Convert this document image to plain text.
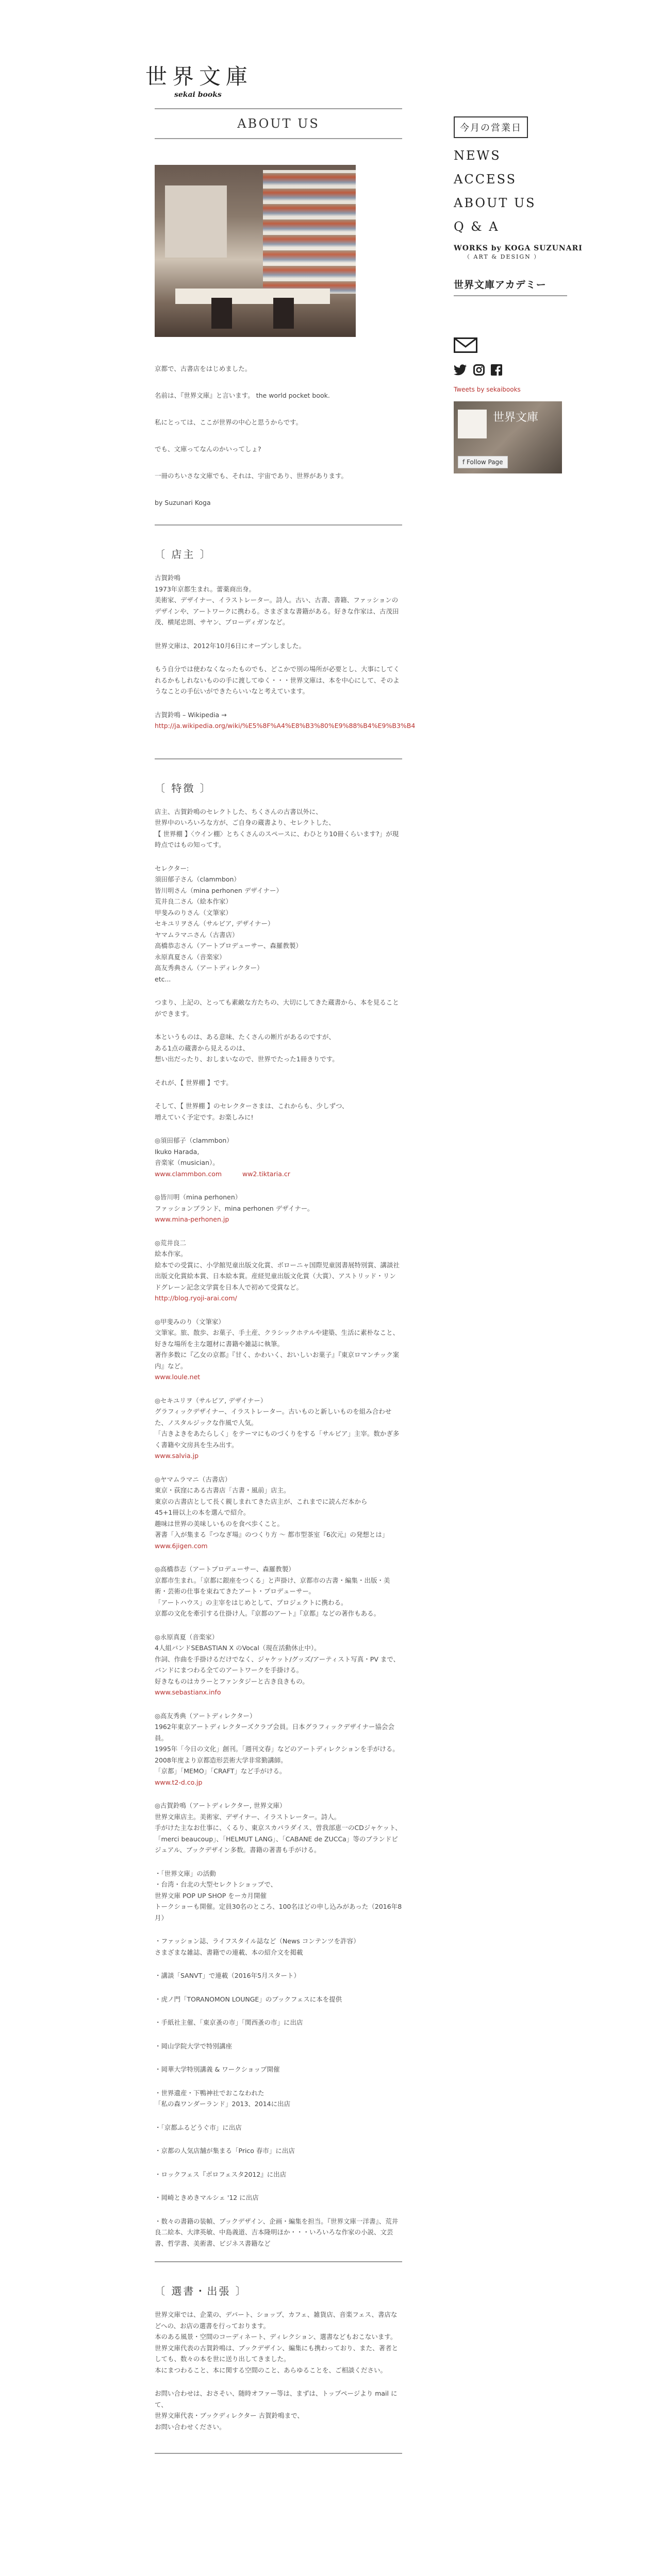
世界文庫
sekai books
ABOUT US

京都で、古書店をはじめました。

名前は、『世界文庫』と言います。 the world pocket book.

私にとっては、ここが世界の中心と思うからです。

でも、文庫ってなんのかいってしょ?

一冊のちいさな文庫でも、それは、宇宙であり、世界があります。

by Suzunari Koga

〔 店主 〕

古賀鈴鳴
1973年京都生まれ。蕾薬商出身。
美術家、デザイナー、イラストレーター。詩人。古い、古書、書籍、ファッションのデザインや、アートワークに携わる。さまざまな書籍がある。好きな作家は、古茂田茂、横尾忠則、サヤン、ブローディガンなど。

世界文庫は、2012年10月6日にオープンしました。

もう自分では使わなくなったものでも、どこかで別の場所が必要とし、大事にしてくれるかもしれないものの手に渡してゆく・・・世界文庫は、本を中心にして、そのようなことの手伝いができたらいいなと考えています。

古賀鈴鳴 – Wikipedia →
http://ja.wikipedia.org/wiki/%E5%8F%A4%E8%B3%80%E9%88%B4%E9%B3%B4
〔 特徴 〕

店主、古賀鈴鳴のセレクトした、ちくさんの古書以外に、
世界中のいろいろな方が、ご自身の蔵書より、セレクトした、
【 世界棚 】〈ウイン棚〉とちくさんのスペースに、わひとり10冊くらいます?」が現時点ではもの知ってす。

セレクター:
須田郁子さん（clammbon）
皆川明さん（mina perhonen デザイナー）
荒井良二さん（絵本作家）
甲斐みのりさん（文筆家）
セキユリヲさん（サルビア, デザイナー）
ヤマムラマニさん（古書店）
高橋恭志さん（アートプロデューサー、森羅教製）
永原真夏さん（音楽家）
高友秀典さん（アートディレクター）
etc...

つまり、上記の、とっても素敵な方たちの、大切にしてきた蔵書から、本を見ることができます。

本というものは、ある意味、たくさんの断片があるのですが、
ある1点の蔵書から見えるのは、
想い出だったり、おしまいなので、世界でたった1冊きりです。

それが、【 世界棚 】です。

そして、【 世界棚 】のセレクターさまは、これからも、少しずつ、
増えていく予定です。お楽しみに!

◎須田郁子（clammbon）
Ikuko Harada,
音楽家（musician）。
www.clammbon.com	ww2.tiktaria.cr

◎皆川明（mina perhonen）
ファッションブランド、mina perhonen デザイナー。
www.mina-perhonen.jp

◎荒井良二
絵本作家。
絵本での受賞に、小学館児童出版文化賞、ボローニャ国際児童図書展特別賞、講談社出版文化賞絵本賞、日本絵本賞。産経児童出版文化賞（大賞）、アストリッド・リンドグレーン記念文学賞を日本人で初めて受賞など。
http://blog.ryoji-arai.com/

◎甲斐みのり（文筆家）
文筆家。旅、散歩、お菓子、手土産、クラシックホテルや建築、生活に素朴なこと、好きな場所を主な題材に書籍や雑誌に執筆。
著作多数に『乙女の京都』『甘く、かわいく、おいしいお菓子』『東京ロマンチック案内』など。
www.loule.net

◎セキユリヲ（サルビア, デザイナー）
グラフィックデザイナー、イラストレーター。古いものと新しいものを組み合わせた、ノスタルジックな作風で人気。
「古きよきをあたらしく」をテーマにものづくりをする「サルビア」主宰。数かぎ多く書籍や文房具を生み出す。
www.salvia.jp

◎ヤマムラマニ（古書店）
東京・荻窪にある古書店「古書・風前」店主。
東京の古書店として長く親しまれてきた店主が、これまでに読んだ本から
45+1冊以上の本を選んで紹介。
趣味は世界の美味しいものを食べ歩くこと。
著書「入が集まる『つなぎ場』のつくり方 ～ 都市型茶室『6次元』の発想とは」
www.6jigen.com

◎高橋恭志（アートプロデューサー、森羅教製）
京都市生まれ。「京都に銀座をつくる」と声掛け、京都市の古書・編集・出版・美術・芸術の仕事を束ねてきたアート・プロデューサー。
「アートハウス」の主宰をはじめとして、プロジェクトに携わる。
京都の文化を牽引する仕掛け人。『京都のアート』『京都』などの著作もある。

◎永原真夏（音楽家）
4人組バンドSEBASTIAN X のVocal（現在活動休止中）。
作詞、作曲を手掛けるだけでなく、ジャケット/グッズ/アーティスト写真・PV まで、バンドにまつわる全てのアートワークを手掛ける。
好きなものはカラーとファンタジーと古き良きもの。
www.sebastianx.info

◎高友秀典（アートディレクター）
1962年東京アートディレクターズクラブ会員。日本グラフィックデザイナー協会会員。
1995年「今日の文化」創刊。「週刊文春」などのアートディレクションを手がける。
2008年度より京都造形芸術大学非常勤講師。
「京都」「MEMO」「CRAFT」など手がける。
www.t2-d.co.jp

◎古賀鈴鳴（アートディレクター, 世界文庫）
世界文庫店主。美術家、デザイナー、イラストレーター。詩人。
手がけた主なお仕事に、くるり、東京スカパラダイス、曽我部恵一のCDジャケット、「merci beaucoup」、「HELMUT LANG」、「CABANE de ZUCCa」等のブランドビジュアル、ブックデザイン多数。書籍の著書も手がける。

・「世界文庫」の活動
・台湾・台北の大型セレクトショップで、
世界文庫 POP UP SHOP をーカ月開催
トークショーも開催。定員30名のところ、100名ほどの申し込みがあった（2016年8月）

・ファッション誌、ライフスタイル誌など（News コンテンツを許容）
さまざまな雑誌、書籍での連載、本の紹介文を掲載

・講談「SANVT」で連載（2016年5月スタート）

・虎ノ門「TORANOMON LOUNGE」のブックフェスに本を提供

・手紙社主催、「東京蚤の市」「関西蚤の市」に出店

・岡山学院大学で特別講座

・岡華大学特別講義 & ワークショップ開催

・世界遺産・下鴨神社でおこなわれた
「私の森ワンダーランド」2013、2014に出店

・「京都ふるどうぐ市」に出店

・京都の人気店舗が集まる「Prico 春市」に出店

・ロックフェス『ボロフェスタ2012』に出店

・岡崎ときめきマルシェ '12 に出店

・数々の書籍の装幀、ブックデザイン、企画・編集を担当。『世界文庫一洋書』、荒井良二絵本、大津英敏、中島義道、吉本隆明ほか・・・いろいろな作家の小説、文芸書、哲学書、美術書、ビジネス書籍など

〔 選書・出張 〕

世界文庫では、企業の、デパート、ショップ、カフェ、雑貨店、音楽フェス、書店などへの、お店の選書を行っております。
本のある風景・空間のコーディネート、ディレクション、選書などもおこないます。
世界文庫代表の古賀鈴鳴は、ブックデザイン、編集にも携わっており、また、著者としても、数々の本を世に送り出してきました。
本にまつわること、本に関する空間のこと、あらゆることを、ご相談ください。

お問い合わせは、おさそい、随時オファー等は、まずは、トップページより mail にて、
世界文庫代表・ブックディレクター 古賀鈴鳴まで、
お問い合わせください。

今月の営業日
NEWS
ACCESS
ABOUT US
Q & A
WORKS by KOGA SUZUNARI
（ ART & DESIGN ）
世界文庫アカデミー
Tweets by sekaibooks
世界文庫
f Follow Page
